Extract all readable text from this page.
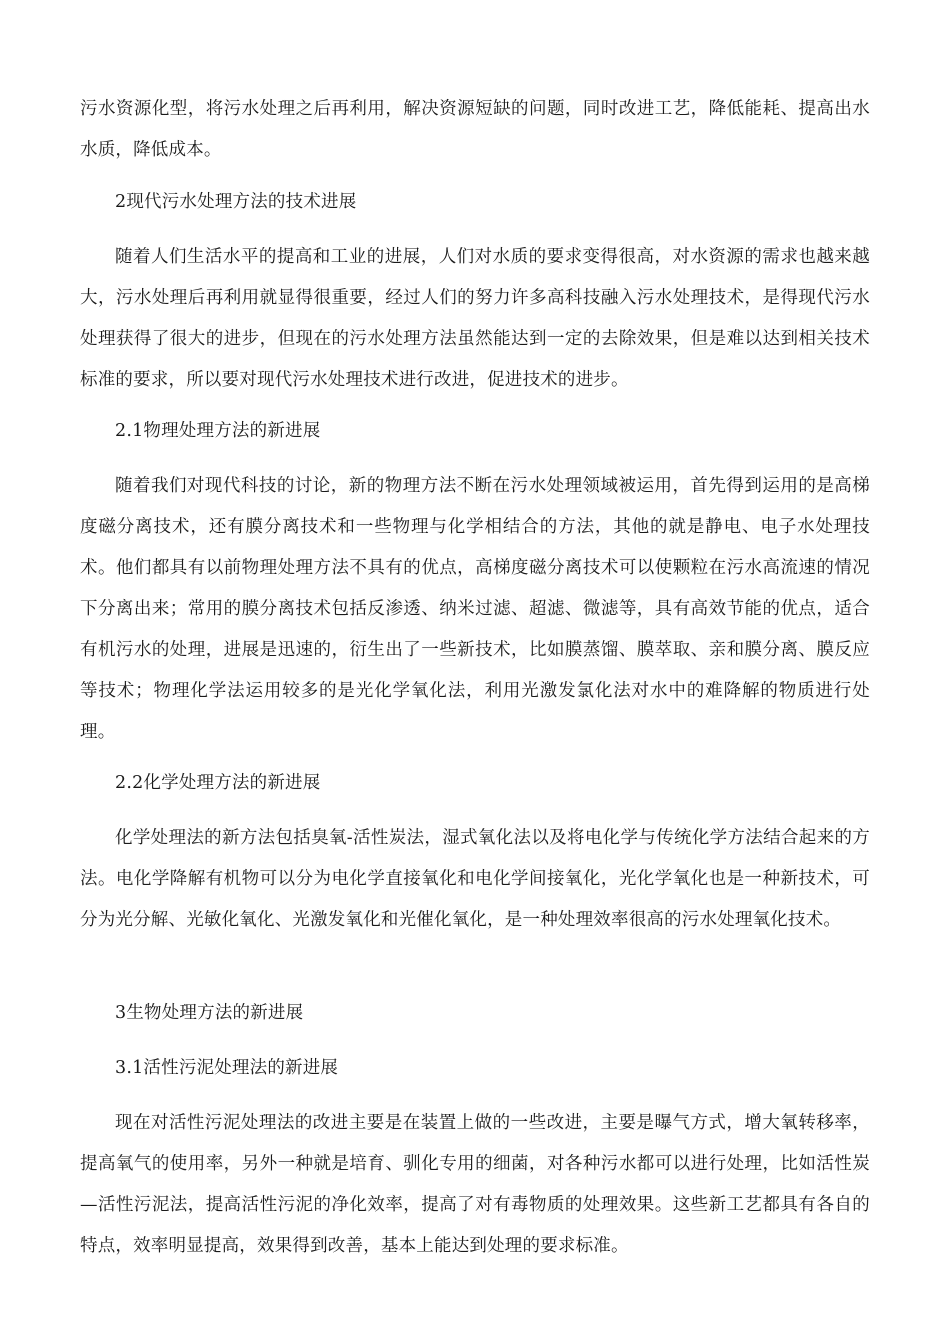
污水资源化型，将污水处理之后再利用，解决资源短缺的问题，同时改进工艺，降低能耗、提高出水水质，降低成本。

2现代污水处理方法的技术进展

随着人们生活水平的提高和工业的进展，人们对水质的要求变得很高，对水资源的需求也越来越大，污水处理后再利用就显得很重要，经过人们的努力许多高科技融入污水处理技术，是得现代污水处理获得了很大的进步，但现在的污水处理方法虽然能达到一定的去除效果，但是难以达到相关技术标准的要求，所以要对现代污水处理技术进行改进，促进技术的进步。

2.1物理处理方法的新进展

随着我们对现代科技的讨论，新的物理方法不断在污水处理领域被运用，首先得到运用的是高梯度磁分离技术，还有膜分离技术和一些物理与化学相结合的方法，其他的就是静电、电子水处理技术。他们都具有以前物理处理方法不具有的优点，高梯度磁分离技术可以使颗粒在污水高流速的情况下分离出来；常用的膜分离技术包括反渗透、纳米过滤、超滤、微滤等，具有高效节能的优点，适合有机污水的处理，进展是迅速的，衍生出了一些新技术，比如膜蒸馏、膜萃取、亲和膜分离、膜反应等技术；物理化学法运用较多的是光化学氧化法，利用光激发氯化法对水中的难降解的物质进行处理。

2.2化学处理方法的新进展

化学处理法的新方法包括臭氧-活性炭法，湿式氧化法以及将电化学与传统化学方法结合起来的方法。电化学降解有机物可以分为电化学直接氧化和电化学间接氧化，光化学氧化也是一种新技术，可分为光分解、光敏化氧化、光激发氧化和光催化氧化，是一种处理效率很高的污水处理氧化技术。

3生物处理方法的新进展

3.1活性污泥处理法的新进展

现在对活性污泥处理法的改进主要是在装置上做的一些改进，主要是曝气方式，增大氧转移率，提高氧气的使用率，另外一种就是培育、驯化专用的细菌，对各种污水都可以进行处理，比如活性炭—活性污泥法，提高活性污泥的净化效率，提高了对有毒物质的处理效果。这些新工艺都具有各自的特点，效率明显提高，效果得到改善，基本上能达到处理的要求标准。
